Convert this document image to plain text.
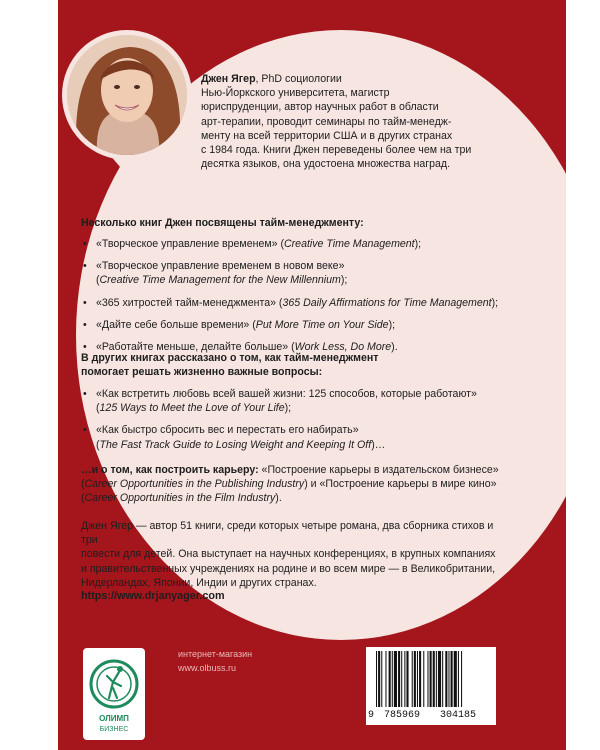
Джен Ягер, PhD социологии
Нью-Йоркского университета, магистр
юриспруденции, автор научных работ в области
арт-терапии, проводит семинары по тайм-менедж-
менту на всей территории США и в других странах
с 1984 года. Книги Джен переведены более чем на три
десятка языков, она удостоена множества наград.
Несколько книг Джен посвящены тайм-менеджменту:
• «Творческое управление временем» (Creative Time Management);
• «Творческое управление временем в новом веке»
(Creative Time Management for the New Millennium);
• «365 хитростей тайм-менеджмента» (365 Daily Affirmations for Time Management);
• «Дайте себе больше времени» (Put More Time on Your Side);
• «Работайте меньше, делайте больше» (Work Less, Do More).
В других книгах рассказано о том, как тайм-менеджмент
помогает решать жизненно важные вопросы:
• «Как встретить любовь всей вашей жизни: 125 способов, которые работают»
(125 Ways to Meet the Love of Your Life);
• «Как быстро сбросить вес и перестать его набирать»
(The Fast Track Guide to Losing Weight and Keeping It Off)…
…и о том, как построить карьеру: «Построение карьеры в издательском бизнесе»
(Career Opportunities in the Publishing Industry) и «Построение карьеры в мире кино»
(Career Opportunities in the Film Industry).
Джен Ягер — автор 51 книги, среди которых четыре романа, два сборника стихов и три
повести для детей. Она выступает на научных конференциях, в крупных компаниях
и правительственных учреждениях на родине и во всем мире — в Великобритании,
Нидерландах, Японии, Индии и других странах.
https://www.drjanyager.com
ОЛИМП
БИЗНЕС
интернет-магазин
www.olbuss.ru
9 785969 304185
